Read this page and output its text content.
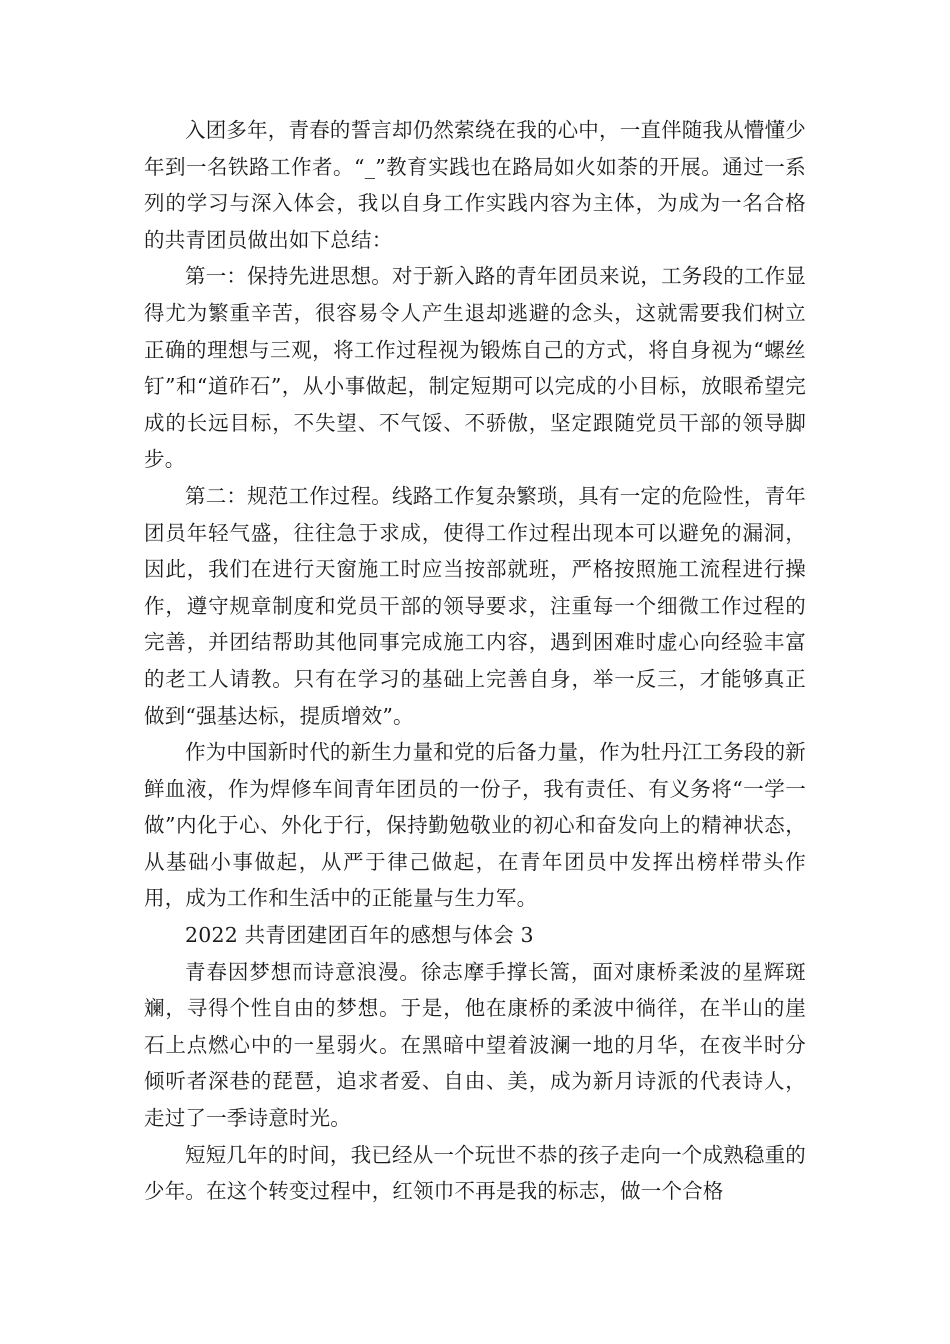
入团多年，青春的誓言却仍然萦绕在我的心中，一直伴随我从懵懂少年到一名铁路工作者。“_”教育实践也在路局如火如荼的开展。通过一系列的学习与深入体会，我以自身工作实践内容为主体，为成为一名合格的共青团员做出如下总结：

第一：保持先进思想。对于新入路的青年团员来说，工务段的工作显得尤为繁重辛苦，很容易令人产生退却逃避的念头，这就需要我们树立正确的理想与三观，将工作过程视为锻炼自己的方式，将自身视为“螺丝钉”和“道砟石”，从小事做起，制定短期可以完成的小目标，放眼希望完成的长远目标，不失望、不气馁、不骄傲，坚定跟随党员干部的领导脚步。

第二：规范工作过程。线路工作复杂繁琐，具有一定的危险性，青年团员年轻气盛，往往急于求成，使得工作过程出现本可以避免的漏洞，因此，我们在进行天窗施工时应当按部就班，严格按照施工流程进行操作，遵守规章制度和党员干部的领导要求，注重每一个细微工作过程的完善，并团结帮助其他同事完成施工内容，遇到困难时虚心向经验丰富的老工人请教。只有在学习的基础上完善自身，举一反三，才能够真正做到“强基达标，提质增效”。

作为中国新时代的新生力量和党的后备力量，作为牡丹江工务段的新鲜血液，作为焊修车间青年团员的一份子，我有责任、有义务将“一学一做”内化于心、外化于行，保持勤勉敬业的初心和奋发向上的精神状态，从基础小事做起，从严于律己做起，在青年团员中发挥出榜样带头作用，成为工作和生活中的正能量与生力军。

2022 共青团建团百年的感想与体会 3

青春因梦想而诗意浪漫。徐志摩手撑长篙，面对康桥柔波的星辉斑斓，寻得个性自由的梦想。于是，他在康桥的柔波中徜徉，在半山的崖石上点燃心中的一星弱火。在黑暗中望着波澜一地的月华，在夜半时分倾听者深巷的琵琶，追求者爱、自由、美，成为新月诗派的代表诗人，走过了一季诗意时光。

短短几年的时间，我已经从一个玩世不恭的孩子走向一个成熟稳重的少年。在这个转变过程中，红领巾不再是我的标志，做一个合格
